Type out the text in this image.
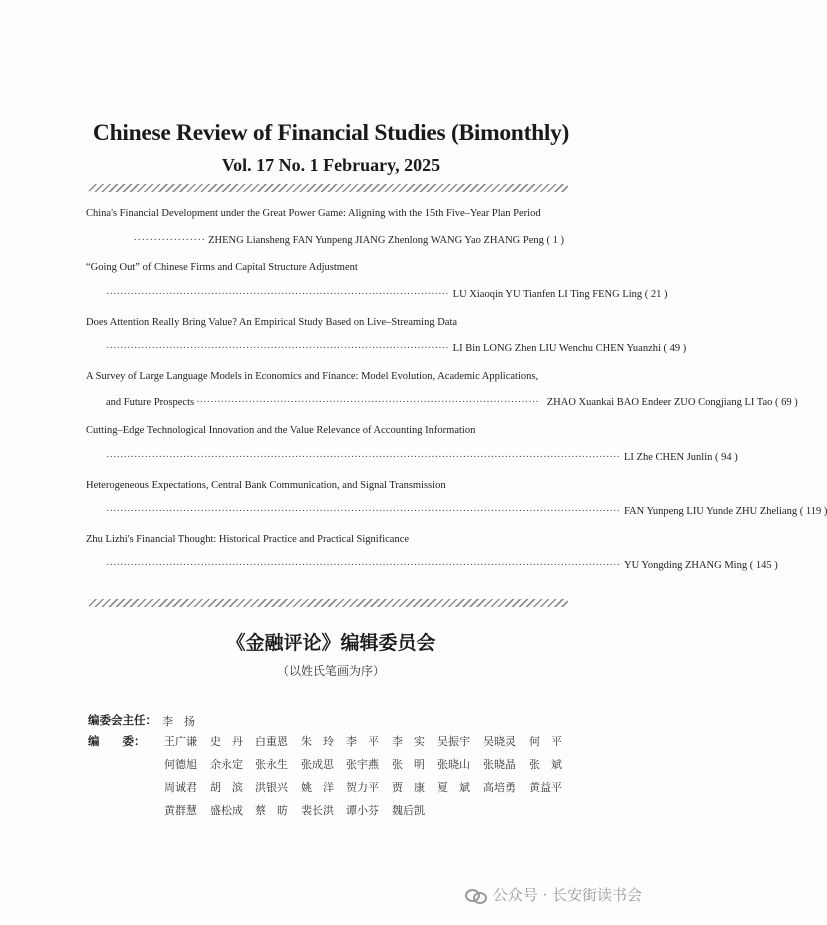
Chinese Review of Financial Studies (Bimonthly)
Vol. 17 No. 1 February, 2025
China's Financial Development under the Great Power Game: Aligning with the 15th Five–Year Plan Period
·················· ZHENG Liansheng FAN Yunpeng JIANG Zhenlong WANG Yao ZHANG Peng ( 1 )
“Going Out” of Chinese Firms and Capital Structure Adjustment
·································································································· LU Xiaoqin YU Tianfen LI Ting FENG Ling ( 21 )
Does Attention Really Bring Value? An Empirical Study Based on Live–Streaming Data
·································································································· LI Bin LONG Zhen LIU Wenchu CHEN Yuanzhi ( 49 )
A Survey of Large Language Models in Economics and Finance: Model Evolution, Academic Applications,
and Future Prospects ·································································································· ZHAO Xuankai BAO Endeer ZUO Congjiang LI Tao ( 69 )
Cutting–Edge Technological Innovation and the Value Relevance of Accounting Information
··················································································································································· LI Zhe CHEN Junlin ( 94 )
Heterogeneous Expectations, Central Bank Communication, and Signal Transmission
··················································································································································· FAN Yunpeng LIU Yunde ZHU Zheliang ( 119 )
Zhu Lizhi's Financial Thought: Historical Practice and Practical Significance
··················································································································································· YU Yongding ZHANG Ming ( 145 )
《金融评论》编辑委员会
（以姓氏笔画为序）
编委会主任： 李　扬
编　　委： 王广谦 史　丹 白重恩 朱　玲 李　平 李　实 吴振宇 吴晓灵 何　平
何德旭 余永定 张永生 张成思 张宇燕 张　明 张晓山 张晓晶 张　斌
周诚君 胡　滨 洪银兴 姚　洋 贺力平 贾　康 夏　斌 高培勇 黄益平
黄群慧 盛松成 蔡　昉 裴长洪 谭小芬 魏后凯
公众号 · 长安街读书会
